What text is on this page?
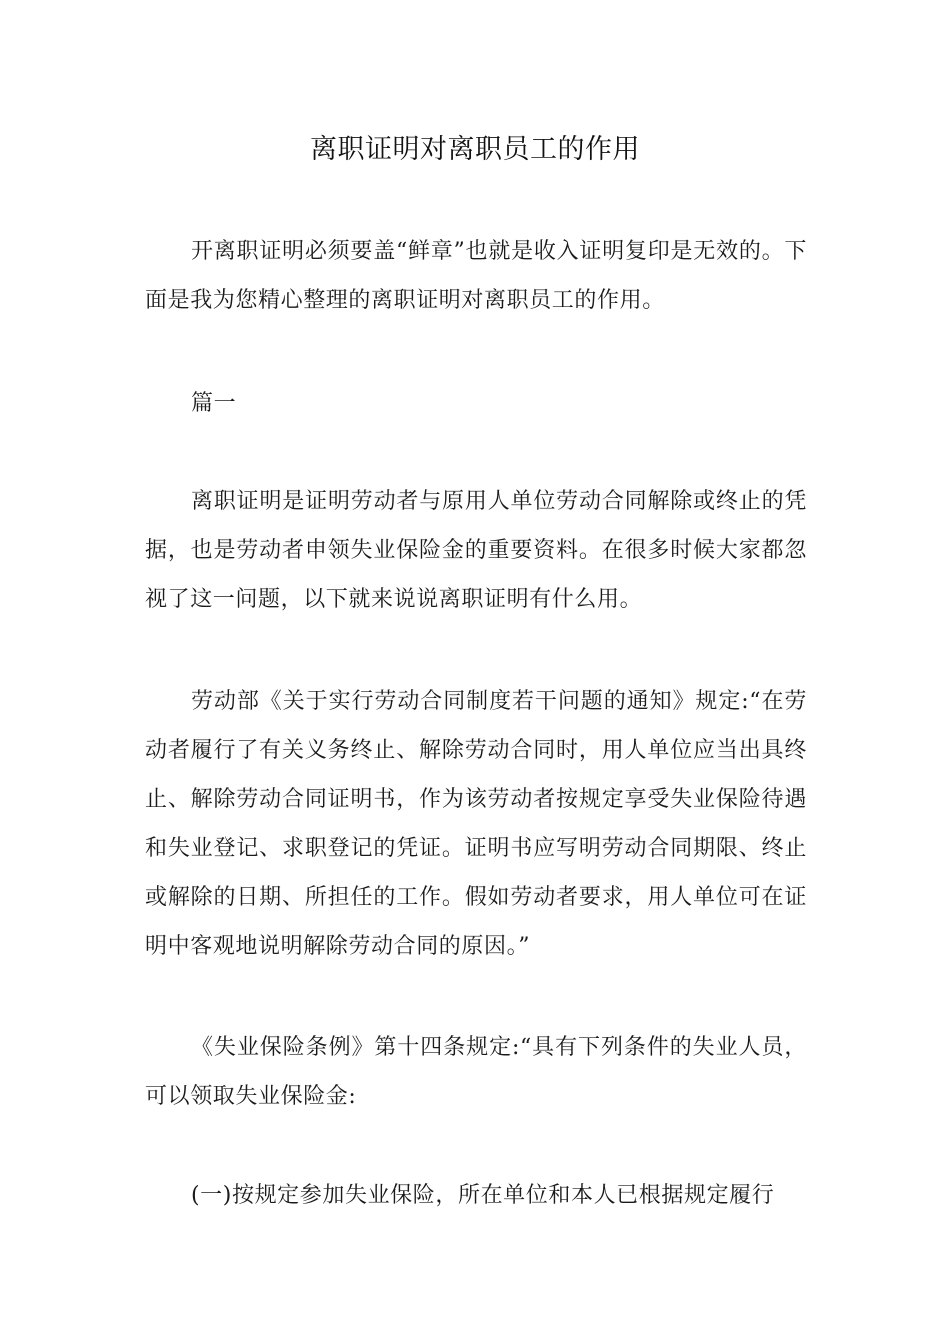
离职证明对离职员工的作用

开离职证明必须要盖“鲜章”也就是收入证明复印是无效的。下面是我为您精心整理的离职证明对离职员工的作用。

篇一

离职证明是证明劳动者与原用人单位劳动合同解除或终止的凭据，也是劳动者申领失业保险金的重要资料。在很多时候大家都忽视了这一问题，以下就来说说离职证明有什么用。

劳动部《关于实行劳动合同制度若干问题的通知》规定:“在劳动者履行了有关义务终止、解除劳动合同时，用人单位应当出具终止、解除劳动合同证明书，作为该劳动者按规定享受失业保险待遇和失业登记、求职登记的凭证。证明书应写明劳动合同期限、终止或解除的日期、所担任的工作。假如劳动者要求，用人单位可在证明中客观地说明解除劳动合同的原因。”

《失业保险条例》第十四条规定:“具有下列条件的失业人员，可以领取失业保险金:

(一)按规定参加失业保险，所在单位和本人已根据规定履行
